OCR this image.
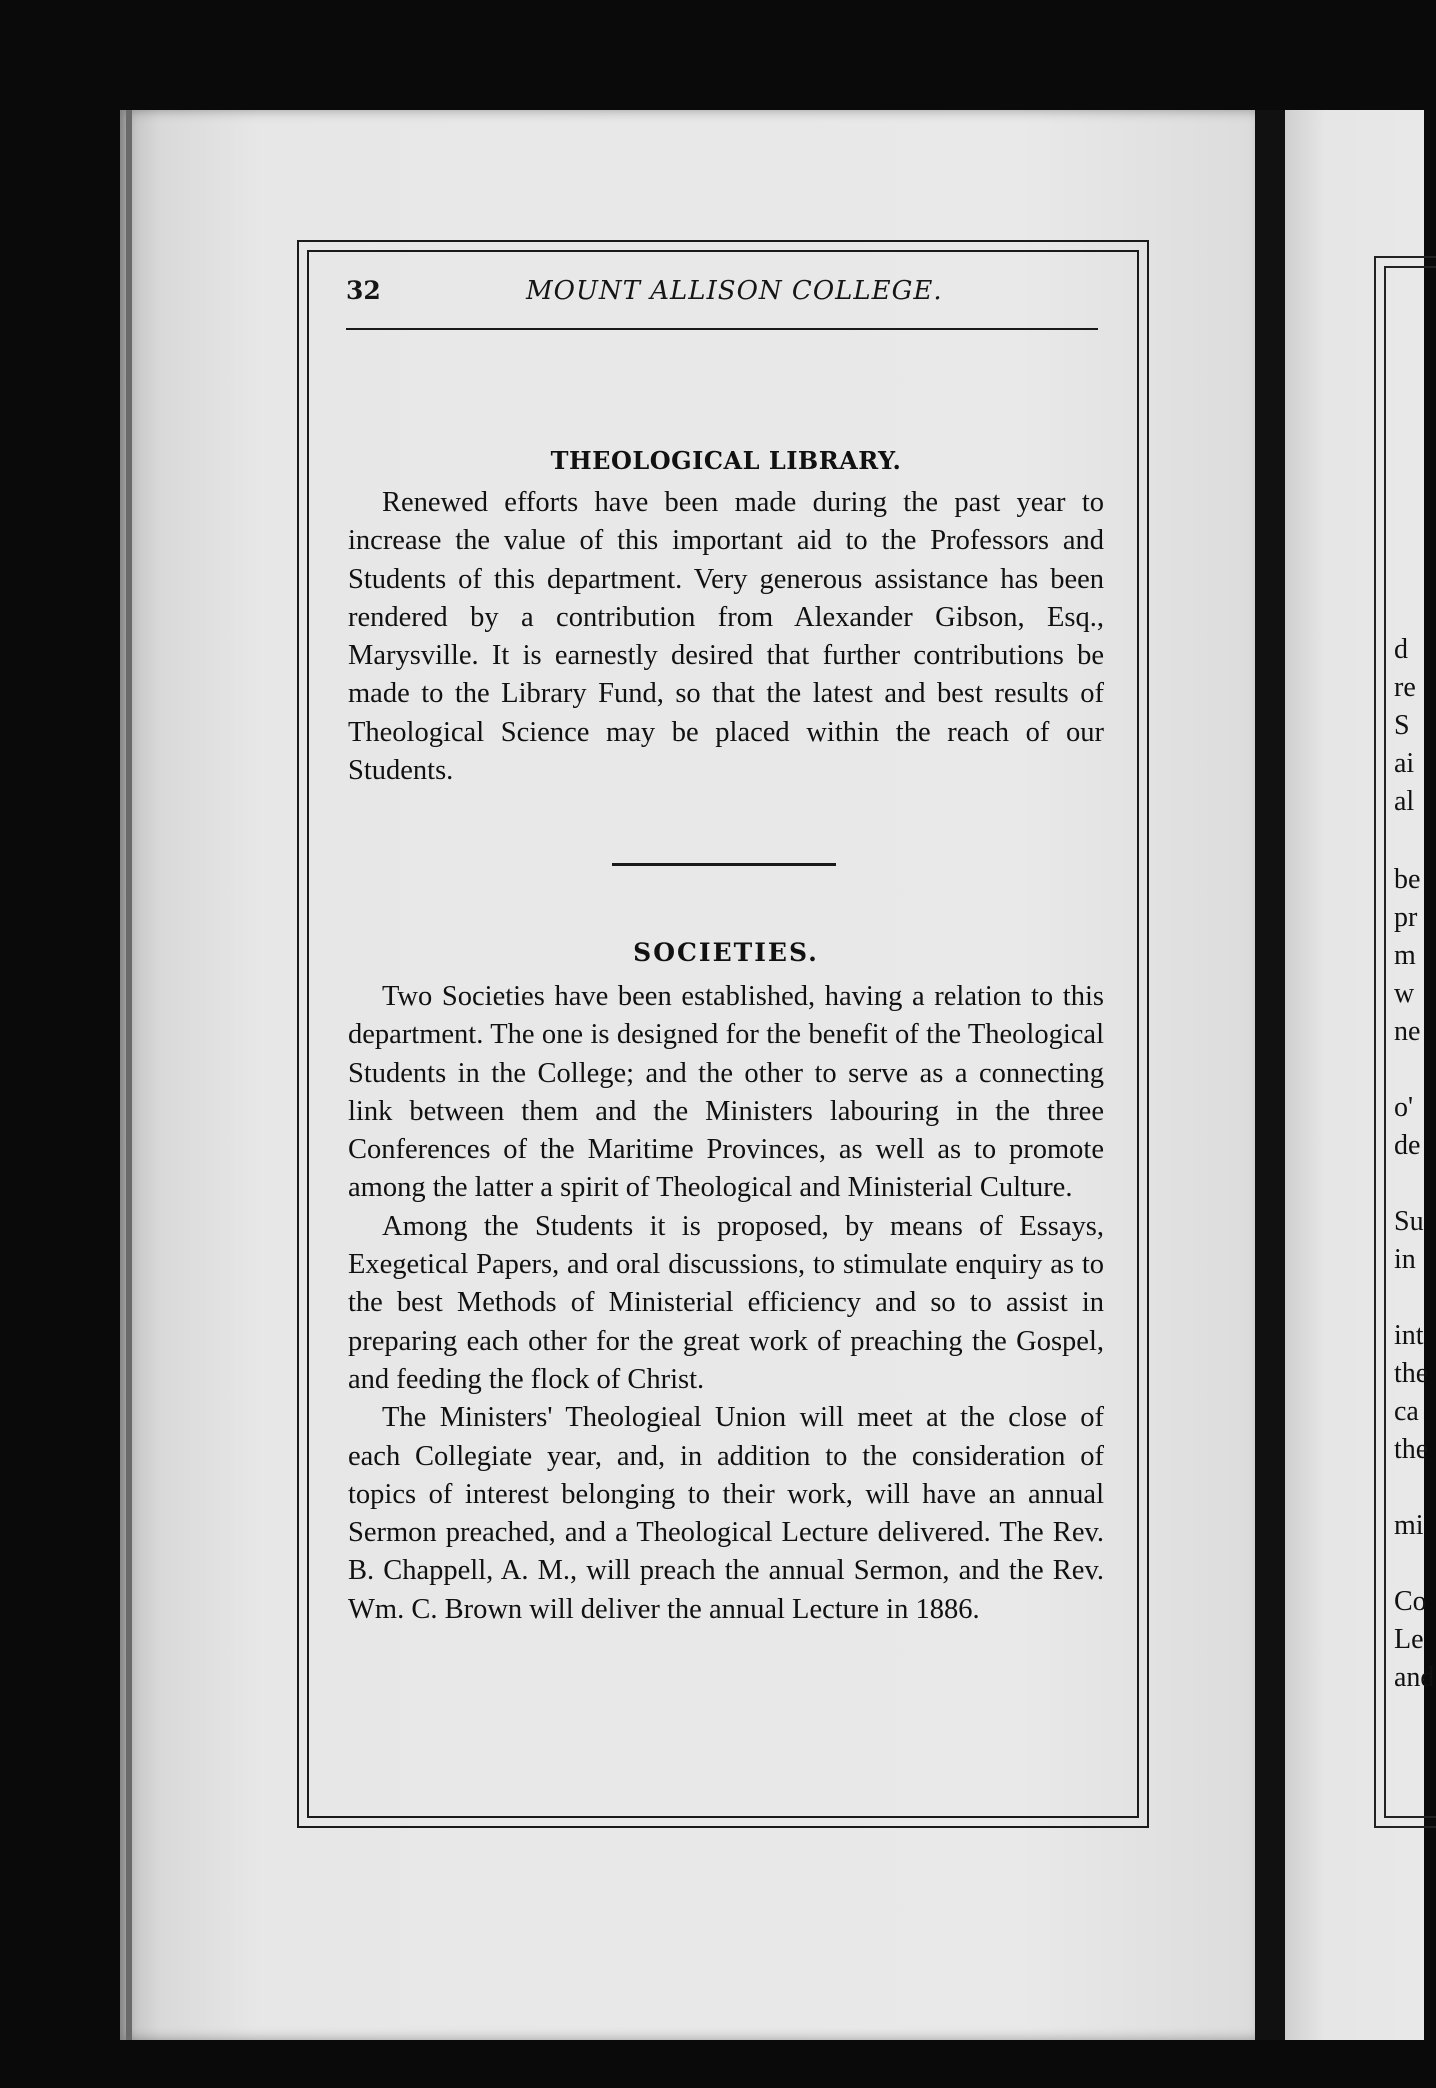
32	MOUNT ALLISON COLLEGE.
THEOLOGICAL LIBRARY.

Renewed efforts have been made during the past year to increase the value of this important aid to the Professors and Students of this department. Very generous assistance has been rendered by a contribution from Alexander Gibson, Esq., Marysville. It is earnestly desired that further contributions be made to the Library Fund, so that the latest and best results of Theological Science may be placed within the reach of our Students.

SOCIETIES.

Two Societies have been established, having a relation to this department. The one is designed for the benefit of the Theological Students in the College; and the other to serve as a connecting link between them and the Ministers labouring in the three Conferences of the Maritime Provinces, as well as to promote among the latter a spirit of Theological and Ministerial Culture.

Among the Students it is proposed, by means of Essays, Exegetical Papers, and oral discussions, to stimulate enquiry as to the best Methods of Ministerial efficiency and so to assist in preparing each other for the great work of preaching the Gospel, and feeding the flock of Christ.

The Ministers' Theologieal Union will meet at the close of each Collegiate year, and, in addition to the consideration of topics of interest belonging to their work, will have an annual Sermon preached, and a Theological Lecture delivered. The Rev. B. Chappell, A. M., will preach the annual Sermon, and the Rev. Wm. C. Brown will deliver the annual Lecture in 1886.

d
re
S
ai
al
be
pr
m
w
ne
o'
de
Su
in
int
the
ca
the
mi
Co
Le
and
